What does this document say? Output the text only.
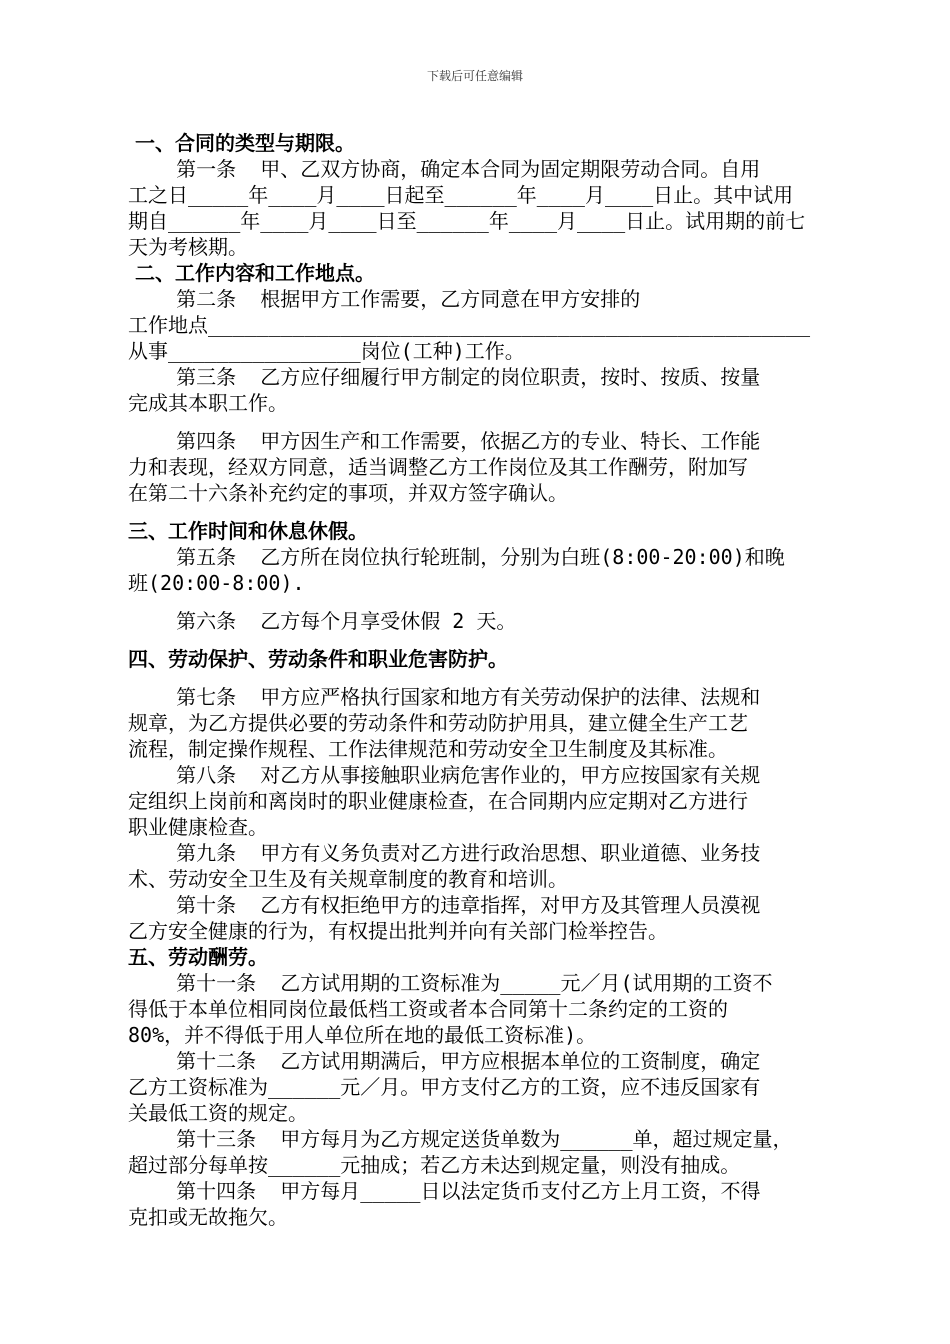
下载后可任意编辑
一、合同的类型与期限。
第一条  甲、乙双方协商，确定本合同为固定期限劳动合同。自用
工之日_____年____月____日起至______年____月____日止。其中试用
期自______年____月____日至______年____月____日止。试用期的前七
天为考核期。
二、工作内容和工作地点。
第二条  根据甲方工作需要，乙方同意在甲方安排的
工作地点__________________________________________________
从事________________岗位(工种)工作。
第三条  乙方应仔细履行甲方制定的岗位职责，按时、按质、按量
完成其本职工作。
第四条  甲方因生产和工作需要，依据乙方的专业、特长、工作能
力和表现，经双方同意，适当调整乙方工作岗位及其工作酬劳，附加写
在第二十六条补充约定的事项，并双方签字确认。
三、工作时间和休息休假。
第五条  乙方所在岗位执行轮班制，分别为白班(8:00-20:00)和晚
班(20:00-8:00).
第六条  乙方每个月享受休假 2 天。
四、劳动保护、劳动条件和职业危害防护。
第七条  甲方应严格执行国家和地方有关劳动保护的法律、法规和
规章，为乙方提供必要的劳动条件和劳动防护用具，建立健全生产工艺
流程，制定操作规程、工作法律规范和劳动安全卫生制度及其标准。
第八条  对乙方从事接触职业病危害作业的，甲方应按国家有关规
定组织上岗前和离岗时的职业健康检查，在合同期内应定期对乙方进行
职业健康检查。
第九条  甲方有义务负责对乙方进行政治思想、职业道德、业务技
术、劳动安全卫生及有关规章制度的教育和培训。
第十条  乙方有权拒绝甲方的违章指挥，对甲方及其管理人员漠视
乙方安全健康的行为，有权提出批判并向有关部门检举控告。
五、劳动酬劳。
第十一条  乙方试用期的工资标准为_____元／月(试用期的工资不
得低于本单位相同岗位最低档工资或者本合同第十二条约定的工资的
80%，并不得低于用人单位所在地的最低工资标准)。
第十二条  乙方试用期满后，甲方应根据本单位的工资制度，确定
乙方工资标准为______元／月。甲方支付乙方的工资，应不违反国家有
关最低工资的规定。
第十三条  甲方每月为乙方规定送货单数为______单，超过规定量，
超过部分每单按______元抽成；若乙方未达到规定量，则没有抽成。
第十四条  甲方每月_____日以法定货币支付乙方上月工资，不得
克扣或无故拖欠。
